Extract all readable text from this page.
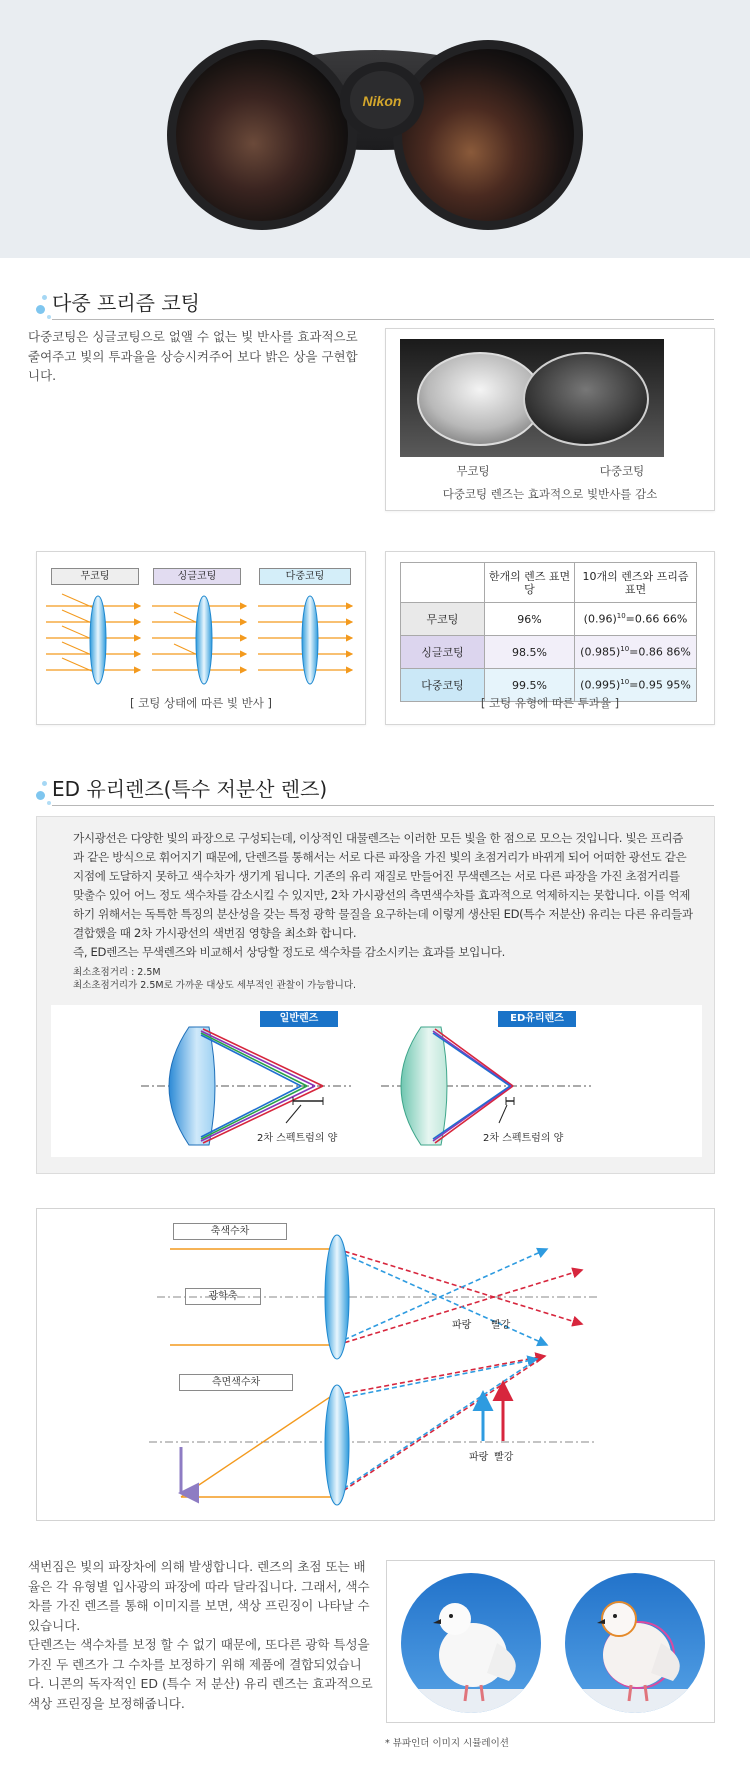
Nikon
다중 프리즘 코팅
다중코팅은 싱글코팅으로 없앨 수 없는 빛 반사를 효과적으로 줄여주고 빛의 투과율을 상승시켜주어 보다 밝은 상을 구현합니다.
무코팅	다중코팅
다중코팅 렌즈는 효과적으로 빛반사를 감소
무코팅	싱글코팅	다중코팅
[ 코팅 상태에 따른 빛 반사 ]
	한개의 렌즈 표면당	10개의 렌즈와 프리즘 표면
무코팅	96%	$(0.96)^{10}=0.66$ 66%
싱글코팅	98.5%	$(0.985)^{10}=0.86$ 86%
다중코팅	99.5%	$(0.995)^{10}=0.95$ 95%
[ 코팅 유형에 따른 투과율 ]
ED 유리렌즈(특수 저분산 렌즈)
가시광선은 다양한 빛의 파장으로 구성되는데, 이상적인 대물렌즈는 이러한 모든 빛을 한 점으로 모으는 것입니다. 빛은 프리즘과 같은 방식으로 휘어지기 때문에, 단렌즈를 통해서는 서로 다른 파장을 가진 빛의 초점거리가 바뀌게 되어 어떠한 광선도 같은 지점에 도달하지 못하고 색수차가 생기게 됩니다. 기존의 유리 재질로 만들어진 무색렌즈는 서로 다른 파장을 가진 초점거리를 맞출수 있어 어느 정도 색수차를 감소시킬 수 있지만, 2차 가시광선의 측면색수차를 효과적으로 억제하지는 못합니다. 이를 억제하기 위해서는 독특한 특징의 분산성을 갖는 특정 광학 물질을 요구하는데 이렇게 생산된 ED(특수 저분산) 유리는 다른 유리들과 결합했을 때 2차 가시광선의 색번짐 영향을 최소화 합니다.
즉, ED렌즈는 무색렌즈와 비교해서 상당할 정도로 색수차를 감소시키는 효과를 보입니다.
최소초점거리 : 2.5M
최소초점거리가 2.5M로 가까운 대상도 세부적인 관찰이 가능합니다.
일반렌즈	ED유리렌즈
2차 스펙트럼의 양	2차 스펙트럼의 양
축색수차
광학축
측면색수차
파랑 빨강
파랑 빨강
색번짐은 빛의 파장차에 의해 발생합니다. 렌즈의 초점 또는 배율은 각 유형별 입사광의 파장에 따라 달라집니다. 그래서, 색수차를 가진 렌즈를 통해 이미지를 보면, 색상 프린징이 나타날 수 있습니다.
단렌즈는 색수차를 보정 할 수 없기 때문에, 또다른 광학 특성을 가진 두 렌즈가 그 수차를 보정하기 위해 제품에 결합되었습니다. 니콘의 독자적인 ED (특수 저 분산) 유리 렌즈는 효과적으로 색상 프린징을 보정해줍니다.
* 뷰파인더 이미지 시뮬레이션
